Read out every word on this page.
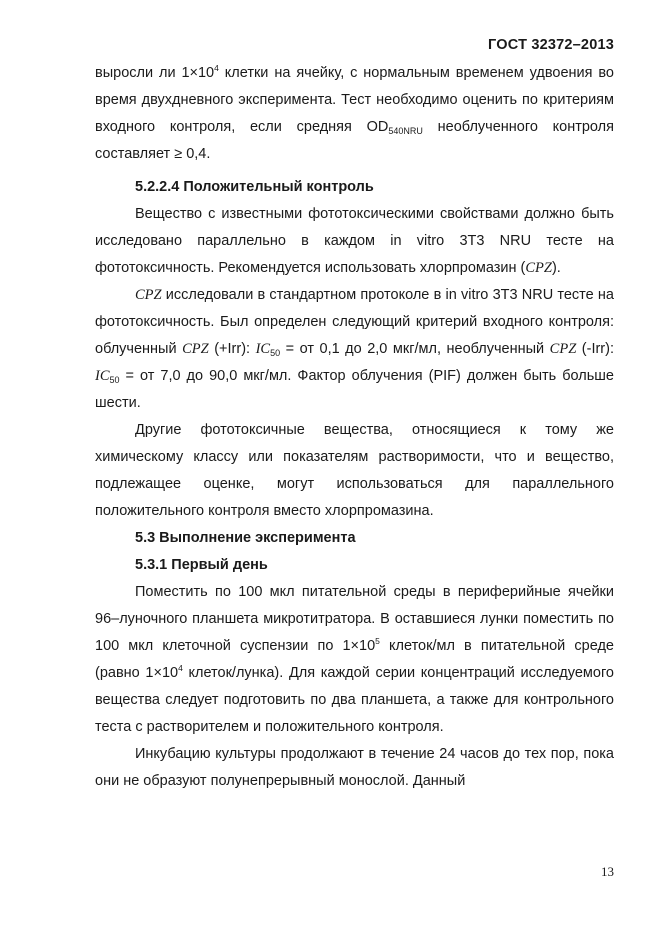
ГОСТ 32372–2013

выросли ли $1\times 10^4$ клетки на ячейку, с нормальным временем удвоения во время двухдневного эксперимента. Тест необходимо оценить по критериям входного контроля, если средняя $OD_{540NRU}$ необлученного контроля составляет ≥ 0,4.

5.2.2.4 Положительный контроль

Вещество с известными фототоксическими свойствами должно быть исследовано параллельно в каждом in vitro 3T3 NRU тесте на фототоксичность. Рекомендуется использовать хлорпромазин (CPZ).

CPZ исследовали в стандартном протоколе в in vitro 3T3 NRU тесте на фототоксичность. Был определен следующий критерий входного контроля: облученный CPZ (+Irr): $IC_{50}$ = от 0,1 до 2,0 мкг/мл, необлученный CPZ (-Irr): $IC_{50}$ = от 7,0 до 90,0 мкг/мл. Фактор облучения (PIF) должен быть больше шести.

Другие фототоксичные вещества, относящиеся к тому же химическому классу или показателям растворимости, что и вещество, подлежащее оценке, могут использоваться для параллельного положительного контроля вместо хлорпромазина.

5.3 Выполнение эксперимента

5.3.1 Первый день

Поместить по 100 мкл питательной среды в периферийные ячейки 96–луночного планшета микротитратора. В оставшиеся лунки поместить по 100 мкл клеточной суспензии по $1\times 10^5$ клеток/мл в питательной среде (равно $1\times 10^4$ клеток/лунка). Для каждой серии концентраций исследуемого вещества следует подготовить по два планшета, а также для контрольного теста с растворителем и положительного контроля.

Инкубацию культуры продолжают в течение 24 часов до тех пор, пока они не образуют полунепрерывный монослой. Данный

13
